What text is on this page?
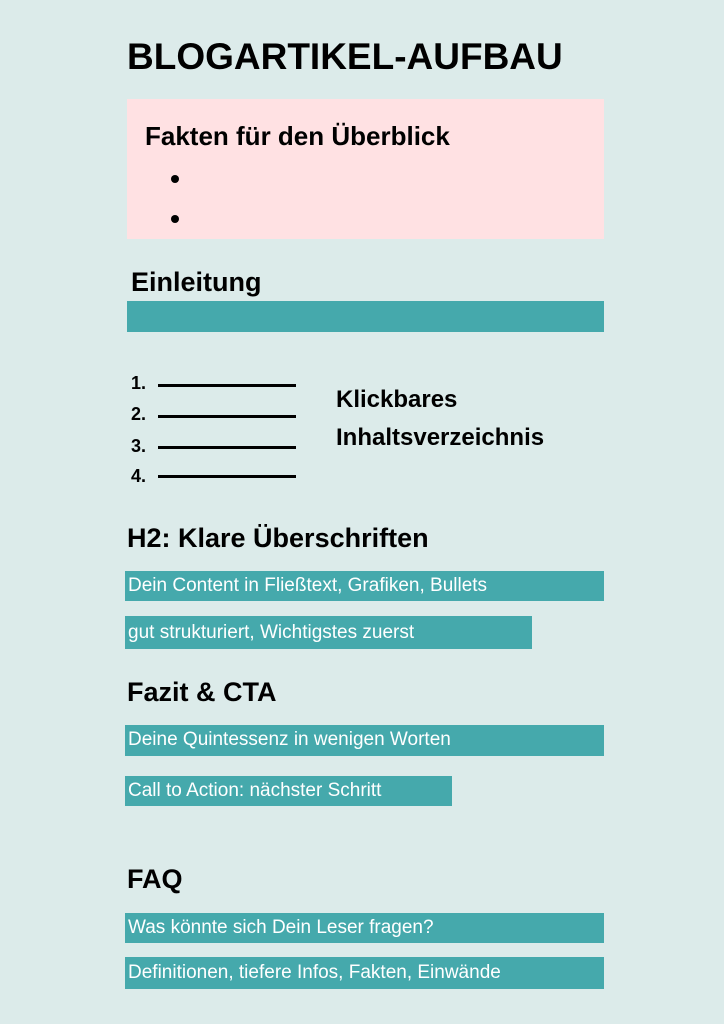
BLOGARTIKEL-AUFBAU
Fakten für den Überblick
Einleitung
1.
2.
3.
4.
Klickbares
Inhaltsverzeichnis
H2: Klare Überschriften
Dein Content in Fließtext, Grafiken, Bullets
gut strukturiert, Wichtigstes zuerst
Fazit & CTA
Deine Quintessenz in wenigen Worten
Call to Action: nächster Schritt
FAQ
Was könnte sich Dein Leser fragen?
Definitionen, tiefere Infos, Fakten, Einwände
